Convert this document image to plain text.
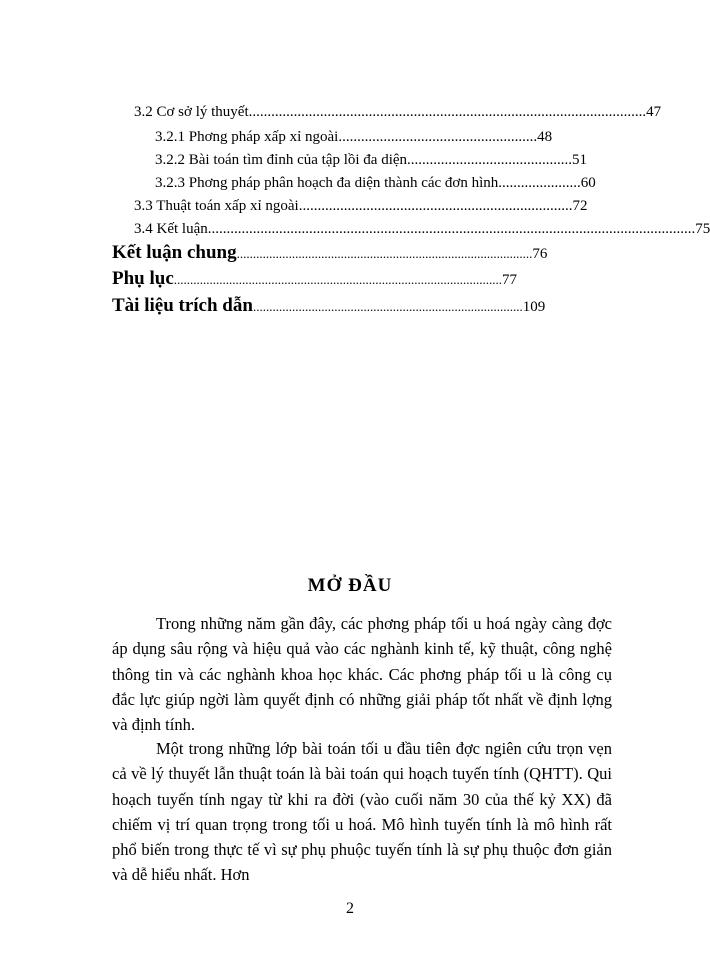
3.2 Cơ sở lý thuyết..........................................................................................................47
3.2.1 Phơng pháp xấp xỉ ngoài.....................................................48
3.2.2 Bài toán tìm đỉnh của tập lồi đa diện............................................51
3.2.3 Phơng pháp phân hoạch đa diện thành các đơn hình......................60
3.3 Thuật toán xấp xỉ ngoài.........................................................................72
3.4 Kết luận..................................................................................................................................75
Kết luận chung...........................................................................................76
Phụ lục.....................................................................................................77
Tài liệu trích dẫn...................................................................................109
MỞ ĐẦU

Trong những năm gần đây, các phơng pháp tối u hoá ngày càng đợc áp dụng sâu rộng và hiệu quả vào các nghành kinh tế, kỹ thuật, công nghệ thông tin và các nghành khoa học khác. Các phơng pháp tối u là công cụ đắc lực giúp ngời làm quyết định có những giải pháp tốt nhất về định lợng và định tính.

Một trong những lớp bài toán tối u đầu tiên đợc ngiên cứu trọn vẹn cả về lý thuyết lẫn thuật toán là bài toán qui hoạch tuyến tính (QHTT). Qui hoạch tuyến tính ngay từ khi ra đời (vào cuối năm 30 của thế kỷ XX) đã chiếm vị trí quan trọng trong tối u hoá. Mô hình tuyến tính là mô hình rất phổ biến trong thực tế vì sự phụ phuộc tuyến tính là sự phụ thuộc đơn giản và dễ hiểu nhất. Hơn

2
